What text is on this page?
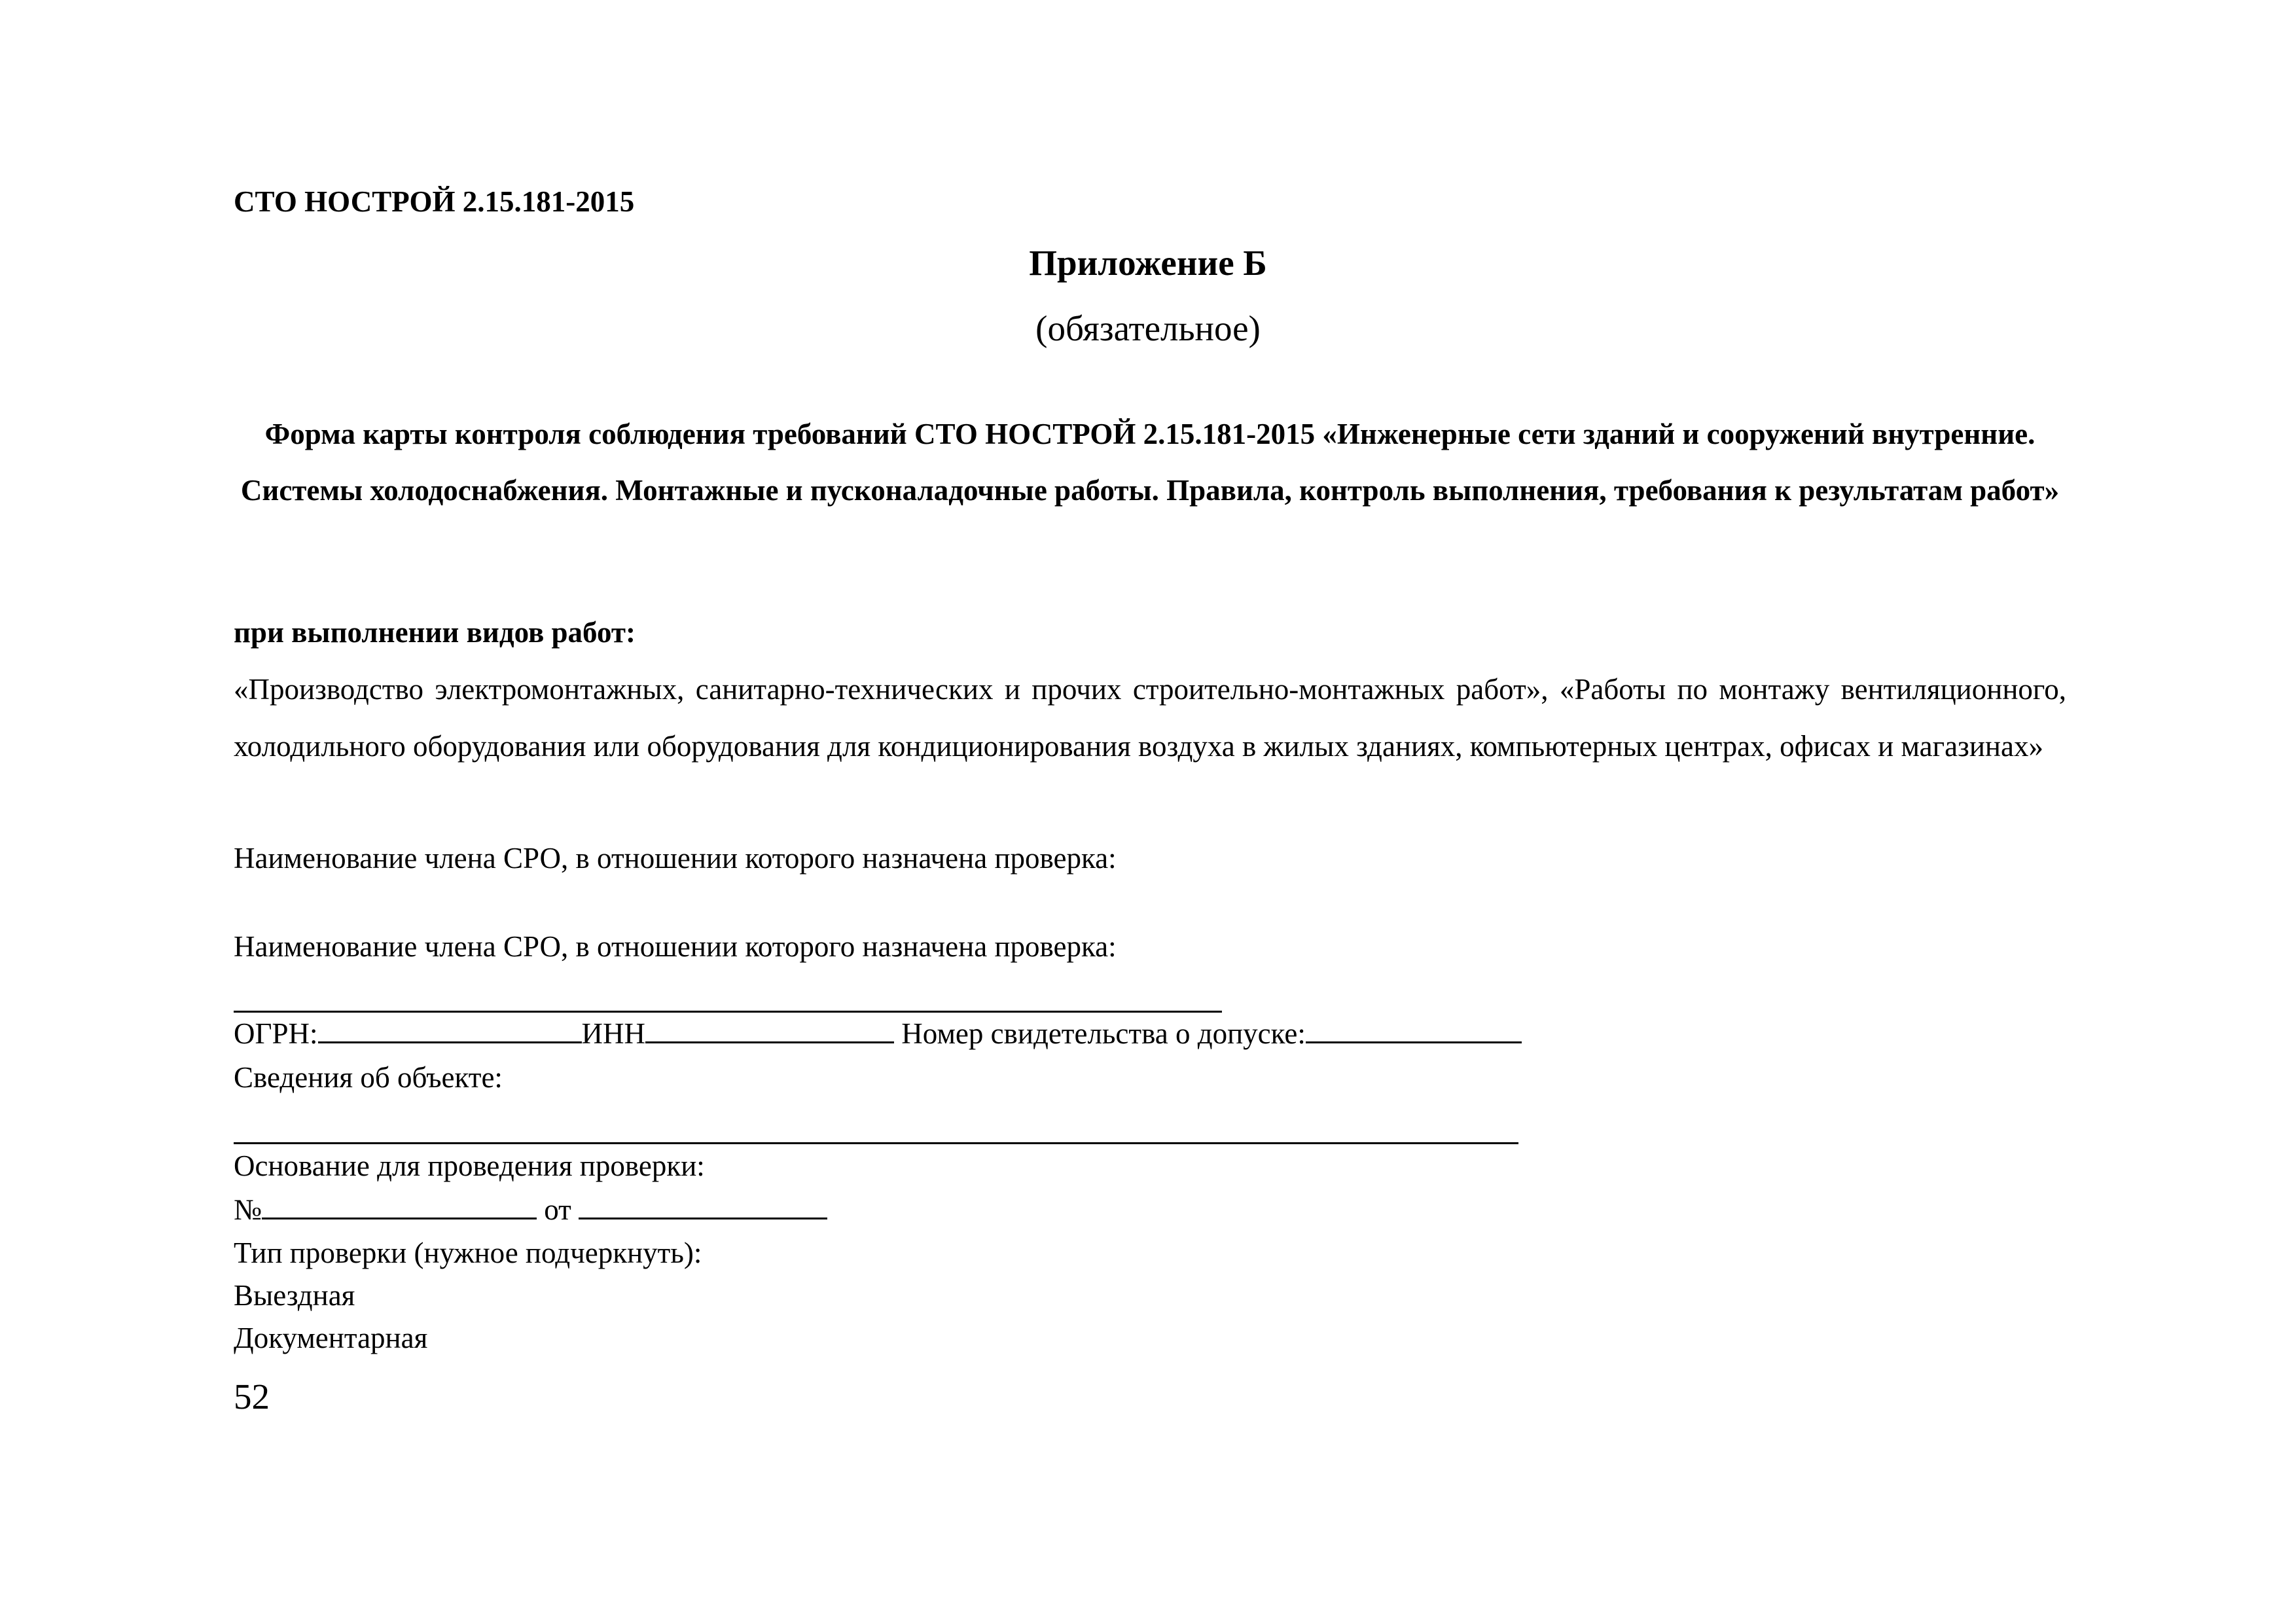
СТО НОСТРОЙ 2.15.181-2015
Приложение Б
(обязательное)
Форма карты контроля соблюдения требований СТО НОСТРОЙ 2.15.181-2015 «Инженерные сети зданий и сооружений внутренние. Системы холодоснабжения. Монтажные и пусконаладочные работы. Правила, контроль выполнения, требования к результатам работ»
при выполнении видов работ:
«Производство электромонтажных, санитарно-технических и прочих строительно-монтажных работ», «Работы по монтажу вентиляционного, холодильного оборудования или оборудования для кондиционирования воздуха в жилых зданиях, компьютерных центрах, офисах и магазинах»
Наименование члена СРО, в отношении которого назначена проверка:
Наименование члена СРО, в отношении которого назначена проверка:
ОГРН:	ИНН	Номер свидетельства о допуске:
Сведения об объекте:
Основание для проведения проверки:
№	от
Тип проверки (нужное подчеркнуть):
Выездная
Документарная
52
